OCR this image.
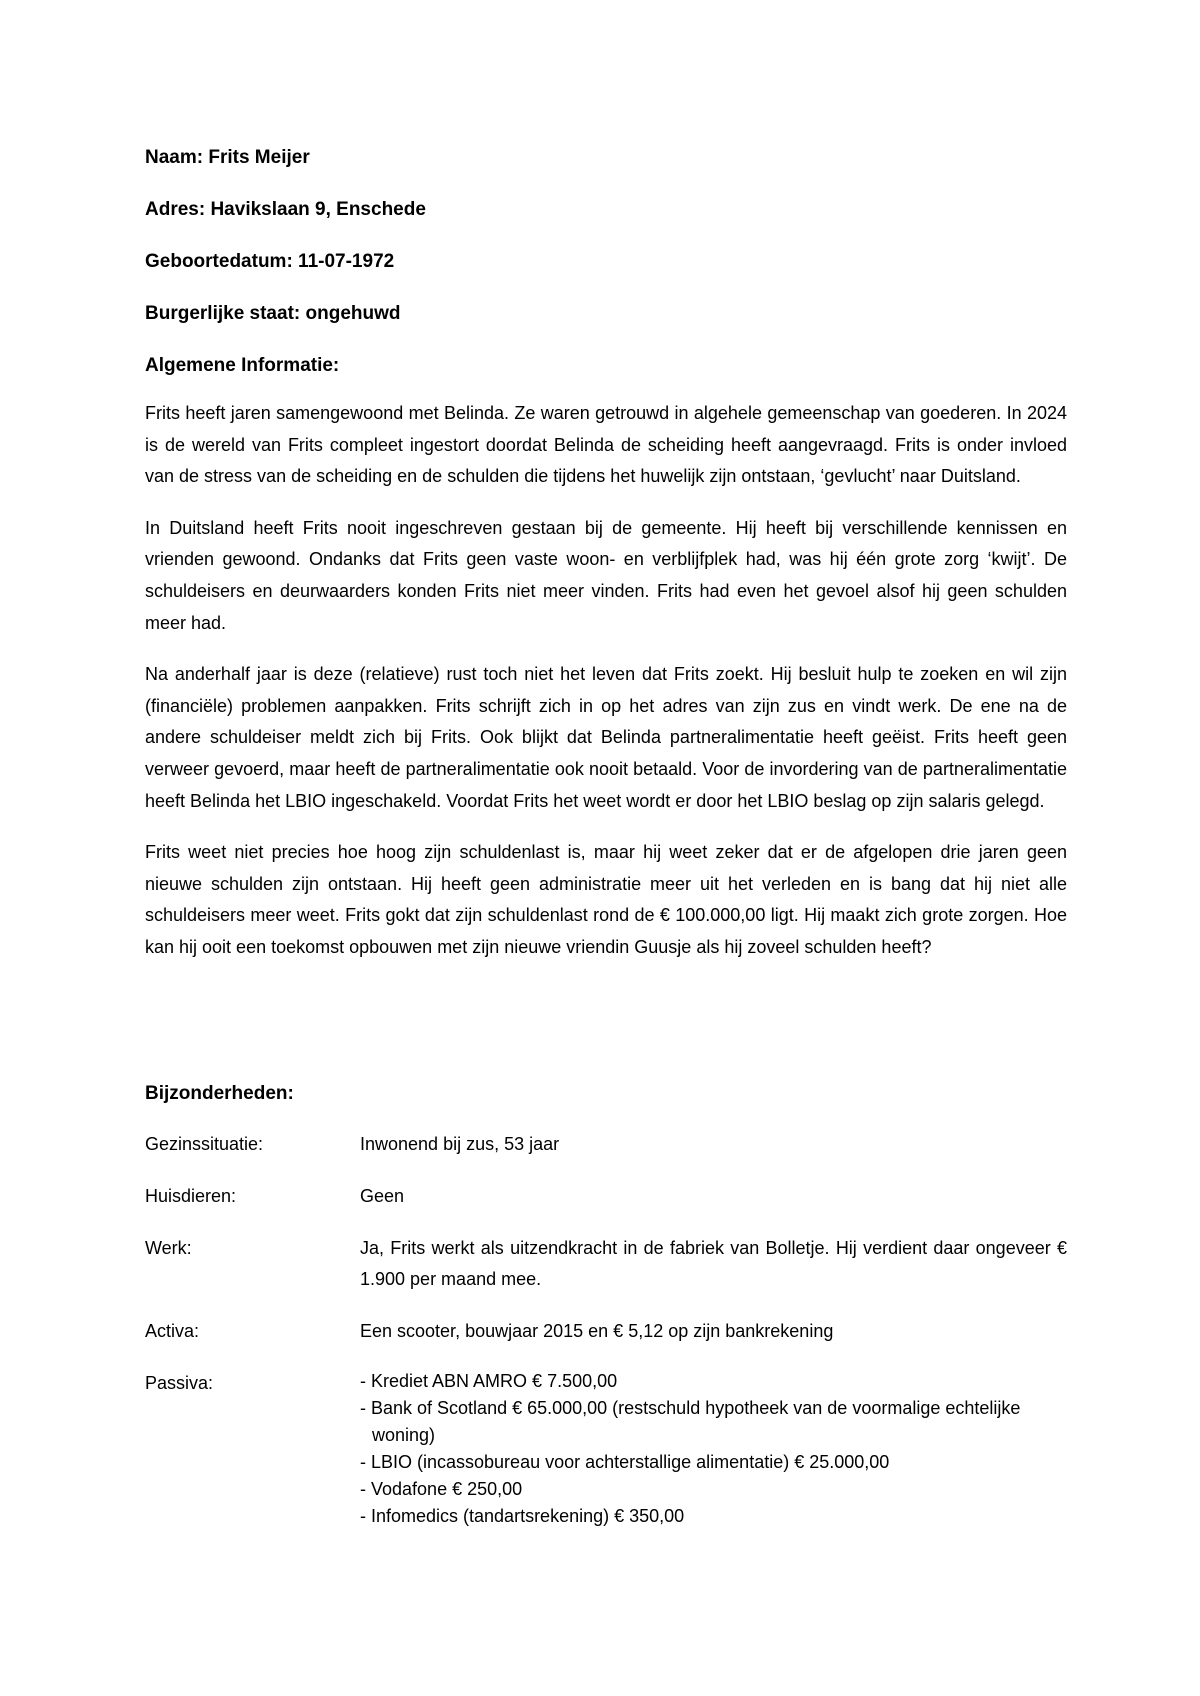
Naam: Frits Meijer
Adres: Havikslaan 9, Enschede
Geboortedatum: 11-07-1972
Burgerlijke staat: ongehuwd
Algemene Informatie:

Frits heeft jaren samengewoond met Belinda. Ze waren getrouwd in algehele gemeenschap van goederen. In 2024 is de wereld van Frits compleet ingestort doordat Belinda de scheiding heeft aangevraagd. Frits is onder invloed van de stress van de scheiding en de schulden die tijdens het huwelijk zijn ontstaan, ‘gevlucht’ naar Duitsland.

In Duitsland heeft Frits nooit ingeschreven gestaan bij de gemeente. Hij heeft bij verschillende kennissen en vrienden gewoond. Ondanks dat Frits geen vaste woon- en verblijfplek had, was hij één grote zorg ‘kwijt’. De schuldeisers en deurwaarders konden Frits niet meer vinden. Frits had even het gevoel alsof hij geen schulden meer had.

Na anderhalf jaar is deze (relatieve) rust toch niet het leven dat Frits zoekt. Hij besluit hulp te zoeken en wil zijn (financiële) problemen aanpakken. Frits schrijft zich in op het adres van zijn zus en vindt werk. De ene na de andere schuldeiser meldt zich bij Frits. Ook blijkt dat Belinda partneralimentatie heeft geëist. Frits heeft geen verweer gevoerd, maar heeft de partneralimentatie ook nooit betaald. Voor de invordering van de partneralimentatie heeft Belinda het LBIO ingeschakeld. Voordat Frits het weet wordt er door het LBIO beslag op zijn salaris gelegd.

Frits weet niet precies hoe hoog zijn schuldenlast is, maar hij weet zeker dat er de afgelopen drie jaren geen nieuwe schulden zijn ontstaan. Hij heeft geen administratie meer uit het verleden en is bang dat hij niet alle schuldeisers meer weet. Frits gokt dat zijn schuldenlast rond de € 100.000,00 ligt. Hij maakt zich grote zorgen. Hoe kan hij ooit een toekomst opbouwen met zijn nieuwe vriendin Guusje als hij zoveel schulden heeft?

Bijzonderheden:
Gezinssituatie:	Inwonend bij zus, 53 jaar
Huisdieren:	Geen
Werk:	Ja, Frits werkt als uitzendkracht in de fabriek van Bolletje. Hij verdient daar ongeveer € 1.900 per maand mee.
Activa:	Een scooter, bouwjaar 2015 en € 5,12 op zijn bankrekening
Passiva:	- Krediet ABN AMRO € 7.500,00
- Bank of Scotland € 65.000,00 (restschuld hypotheek van de voormalige echtelijke woning)
- LBIO (incassobureau voor achterstallige alimentatie) € 25.000,00
- Vodafone € 250,00
- Infomedics (tandartsrekening) € 350,00
